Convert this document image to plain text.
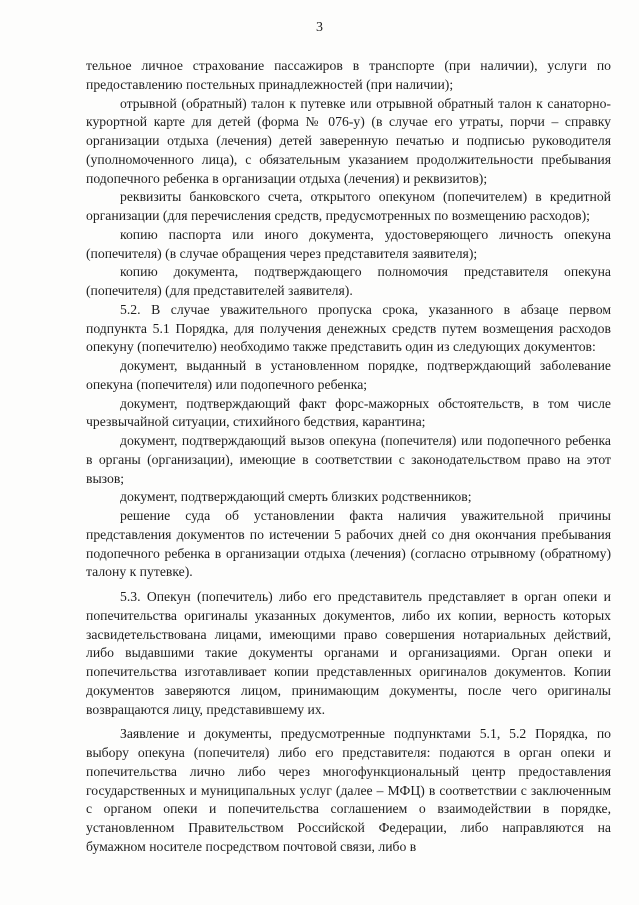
3

тельное личное страхование пассажиров в транспорте (при наличии), услуги по предоставлению постельных принадлежностей (при наличии);

отрывной (обратный) талон к путевке или отрывной обратный талон к санаторно-курортной карте для детей (форма № 076-у) (в случае его утраты, порчи – справку организации отдыха (лечения) детей заверенную печатью и подписью руководителя (уполномоченного лица), с обязательным указанием продолжительности пребывания подопечного ребенка в организации отдыха (лечения) и реквизитов);

реквизиты банковского счета, открытого опекуном (попечителем) в кредитной организации (для перечисления средств, предусмотренных по возмещению расходов);

копию паспорта или иного документа, удостоверяющего личность опекуна (попечителя) (в случае обращения через представителя заявителя);

копию документа, подтверждающего полномочия представителя опекуна (попечителя) (для представителей заявителя).

5.2. В случае уважительного пропуска срока, указанного в абзаце первом подпункта 5.1 Порядка, для получения денежных средств путем возмещения расходов опекуну (попечителю) необходимо также представить один из следующих документов:

документ, выданный в установленном порядке, подтверждающий заболевание опекуна (попечителя) или подопечного ребенка;

документ, подтверждающий факт форс-мажорных обстоятельств, в том числе чрезвычайной ситуации, стихийного бедствия, карантина;

документ, подтверждающий вызов опекуна (попечителя) или подопечного ребенка в органы (организации), имеющие в соответствии с законодательством право на этот вызов;

документ, подтверждающий смерть близких родственников;

решение суда об установлении факта наличия уважительной причины представления документов по истечении 5 рабочих дней со дня окончания пребывания подопечного ребенка в организации отдыха (лечения) (согласно отрывному (обратному) талону к путевке).

5.3. Опекун (попечитель) либо его представитель представляет в орган опеки и попечительства оригиналы указанных документов, либо их копии, верность которых засвидетельствована лицами, имеющими право совершения нотариальных действий, либо выдавшими такие документы органами и организациями. Орган опеки и попечительства изготавливает копии представленных оригиналов документов. Копии документов заверяются лицом, принимающим документы, после чего оригиналы возвращаются лицу, представившему их.

Заявление и документы, предусмотренные подпунктами 5.1, 5.2 Порядка, по выбору опекуна (попечителя) либо его представителя: подаются в орган опеки и попечительства лично либо через многофункциональный центр предоставления государственных и муниципальных услуг (далее – МФЦ) в соответствии с заключенным с органом опеки и попечительства соглашением о взаимодействии в порядке, установленном Правительством Российской Федерации, либо направляются на бумажном носителе посредством почтовой связи, либо в
